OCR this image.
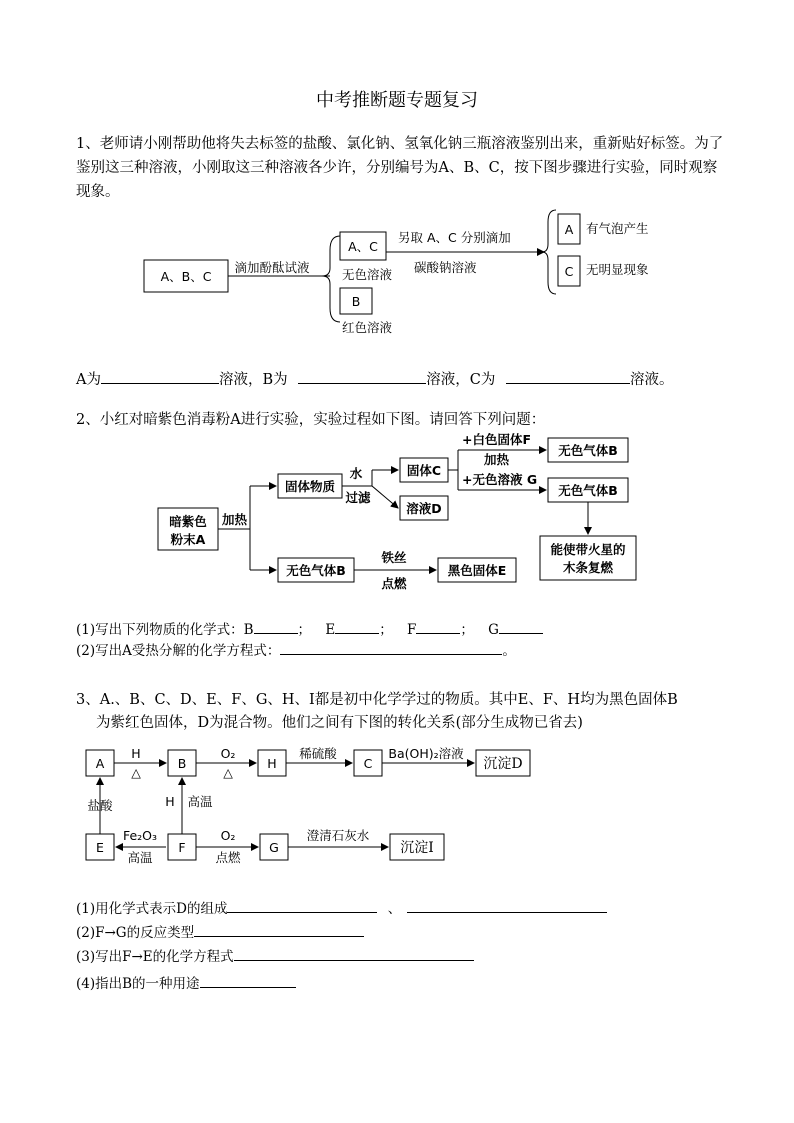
中考推断题专题复习
1、老师请小刚帮助他将失去标签的盐酸、氯化钠、氢氧化钠三瓶溶液鉴别出来，重新贴好标签。为了鉴别这三种溶液，小刚取这三种溶液各少许，分别编号为A、B、C，按下图步骤进行实验，同时观察现象。
A、B、C
滴加酚酞试液
A、C
无色溶液
B
红色溶液
另取 A、C 分别滴加
碳酸钠溶液
A 有气泡产生
C 无明显现象
A为	溶液，B为	溶液，C为	溶液。
2、小红对暗紫色消毒粉A进行实验，实验过程如下图。请回答下列问题：
暗紫色
粉末A
加热
固体物质
水
过滤
固体C
溶液D
+白色固体F
加热
+无色溶液 G
无色气体B
无色气体B
能使带火星的
木条复燃
无色气体B
铁丝
点燃
黑色固体E
(1)写出下列物质的化学式：B	； E	； F	； G
(2)写出A受热分解的化学方程式：	。
3、A.、B、C、D、E、F、G、H、I都是初中化学学过的物质。其中E、F、H均为黑色固体B
为紫红色固体，D为混合物。他们之间有下图的转化关系(部分生成物已省去)
A
H
△
B
O₂
△
H
稀硫酸
C
Ba(OH)₂溶液
沉淀D
盐酸	H 高温
E
Fe₂O₃
高温
F
O₂
点燃
G
澄清石灰水
沉淀I
(1)用化学式表示D的组成	、
(2)F→G的反应类型
(3)写出F→E的化学方程式
(4)指出B的一种用途
